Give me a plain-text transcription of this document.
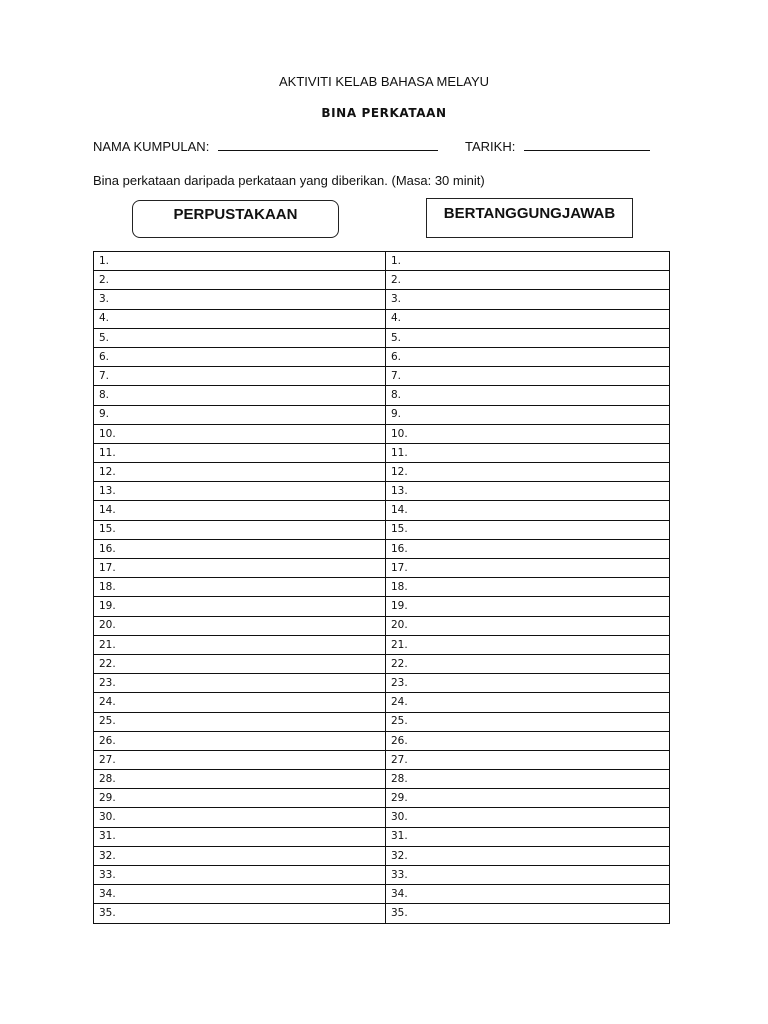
AKTIVITI KELAB BAHASA MELAYU
BINA PERKATAAN
NAMA KUMPULAN:	TARIKH:
Bina perkataan daripada perkataan yang diberikan. (Masa: 30 minit)
PERPUSTAKAAN	BERTANGGUNGJAWAB
1.	1.
2.	2.
3.	3.
4.	4.
5.	5.
6.	6.
7.	7.
8.	8.
9.	9.
10.	10.
11.	11.
12.	12.
13.	13.
14.	14.
15.	15.
16.	16.
17.	17.
18.	18.
19.	19.
20.	20.
21.	21.
22.	22.
23.	23.
24.	24.
25.	25.
26.	26.
27.	27.
28.	28.
29.	29.
30.	30.
31.	31.
32.	32.
33.	33.
34.	34.
35.	35.
